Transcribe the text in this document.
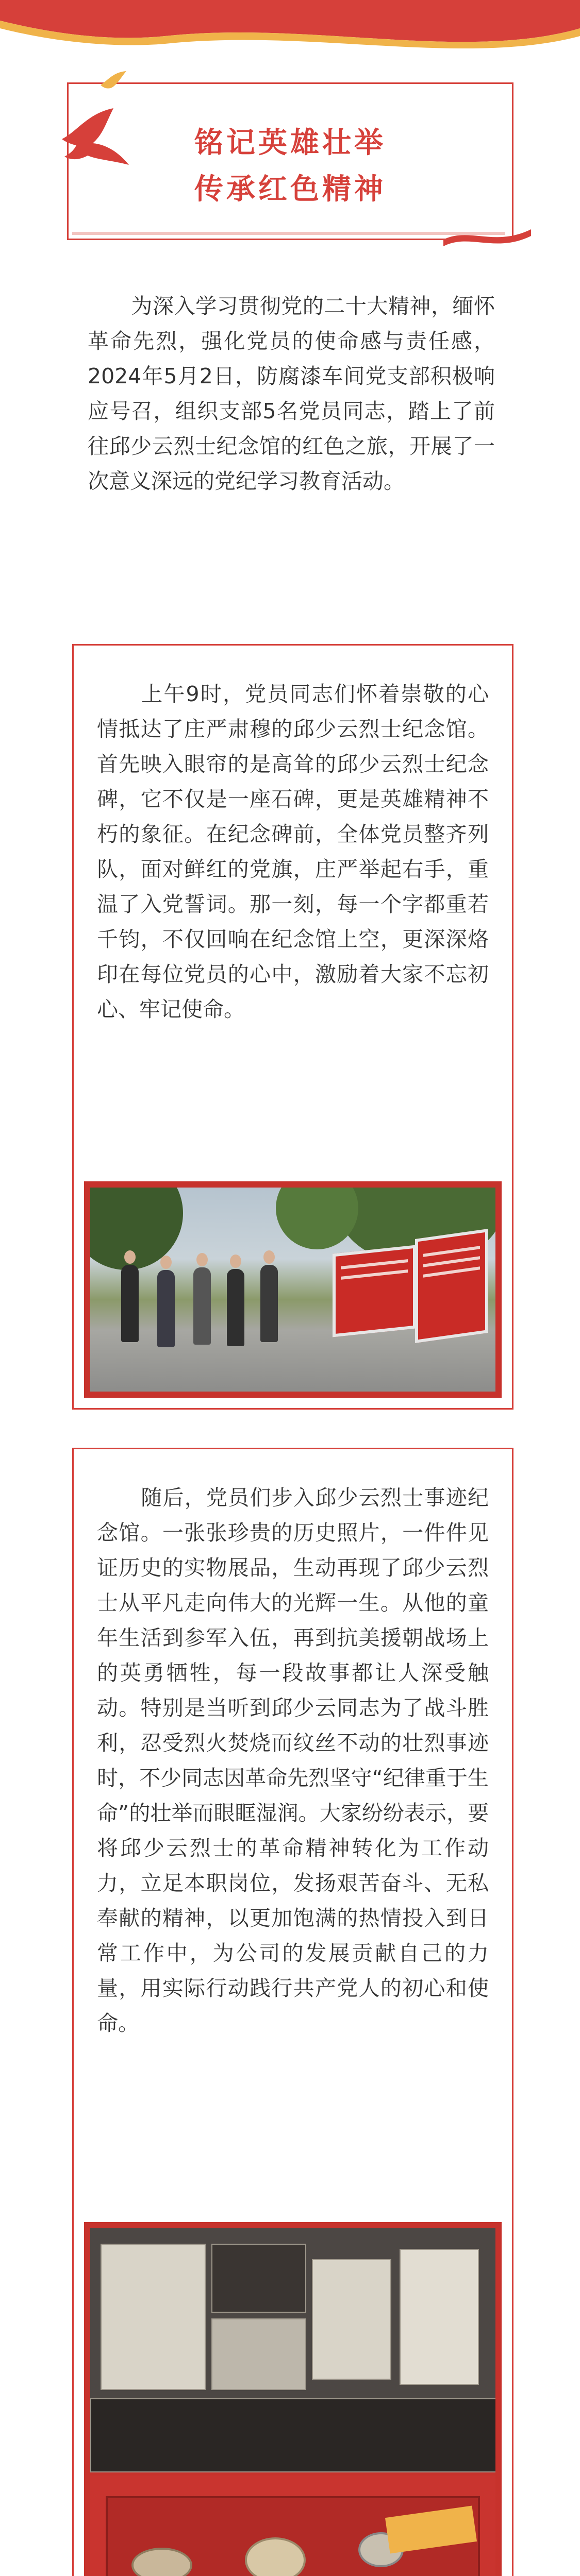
铭记英雄壮举
传承红色精神

为深入学习贯彻党的二十大精神，缅怀革命先烈，强化党员的使命感与责任感，2024年5月2日，防腐漆车间党支部积极响应号召，组织支部5名党员同志，踏上了前往邱少云烈士纪念馆的红色之旅，开展了一次意义深远的党纪学习教育活动。

上午9时，党员同志们怀着崇敬的心情抵达了庄严肃穆的邱少云烈士纪念馆。首先映入眼帘的是高耸的邱少云烈士纪念碑，它不仅是一座石碑，更是英雄精神不朽的象征。在纪念碑前，全体党员整齐列队，面对鲜红的党旗，庄严举起右手，重温了入党誓词。那一刻，每一个字都重若千钧，不仅回响在纪念馆上空，更深深烙印在每位党员的心中，激励着大家不忘初心、牢记使命。

随后，党员们步入邱少云烈士事迹纪念馆。一张张珍贵的历史照片，一件件见证历史的实物展品，生动再现了邱少云烈士从平凡走向伟大的光辉一生。从他的童年生活到参军入伍，再到抗美援朝战场上的英勇牺牲，每一段故事都让人深受触动。特别是当听到邱少云同志为了战斗胜利，忍受烈火焚烧而纹丝不动的壮烈事迹时，不少同志因革命先烈坚守“纪律重于生命”的壮举而眼眶湿润。大家纷纷表示，要将邱少云烈士的革命精神转化为工作动力，立足本职岗位，发扬艰苦奋斗、无私奉献的精神，以更加饱满的热情投入到日常工作中，为公司的发展贡献自己的力量，用实际行动践行共产党人的初心和使命。
